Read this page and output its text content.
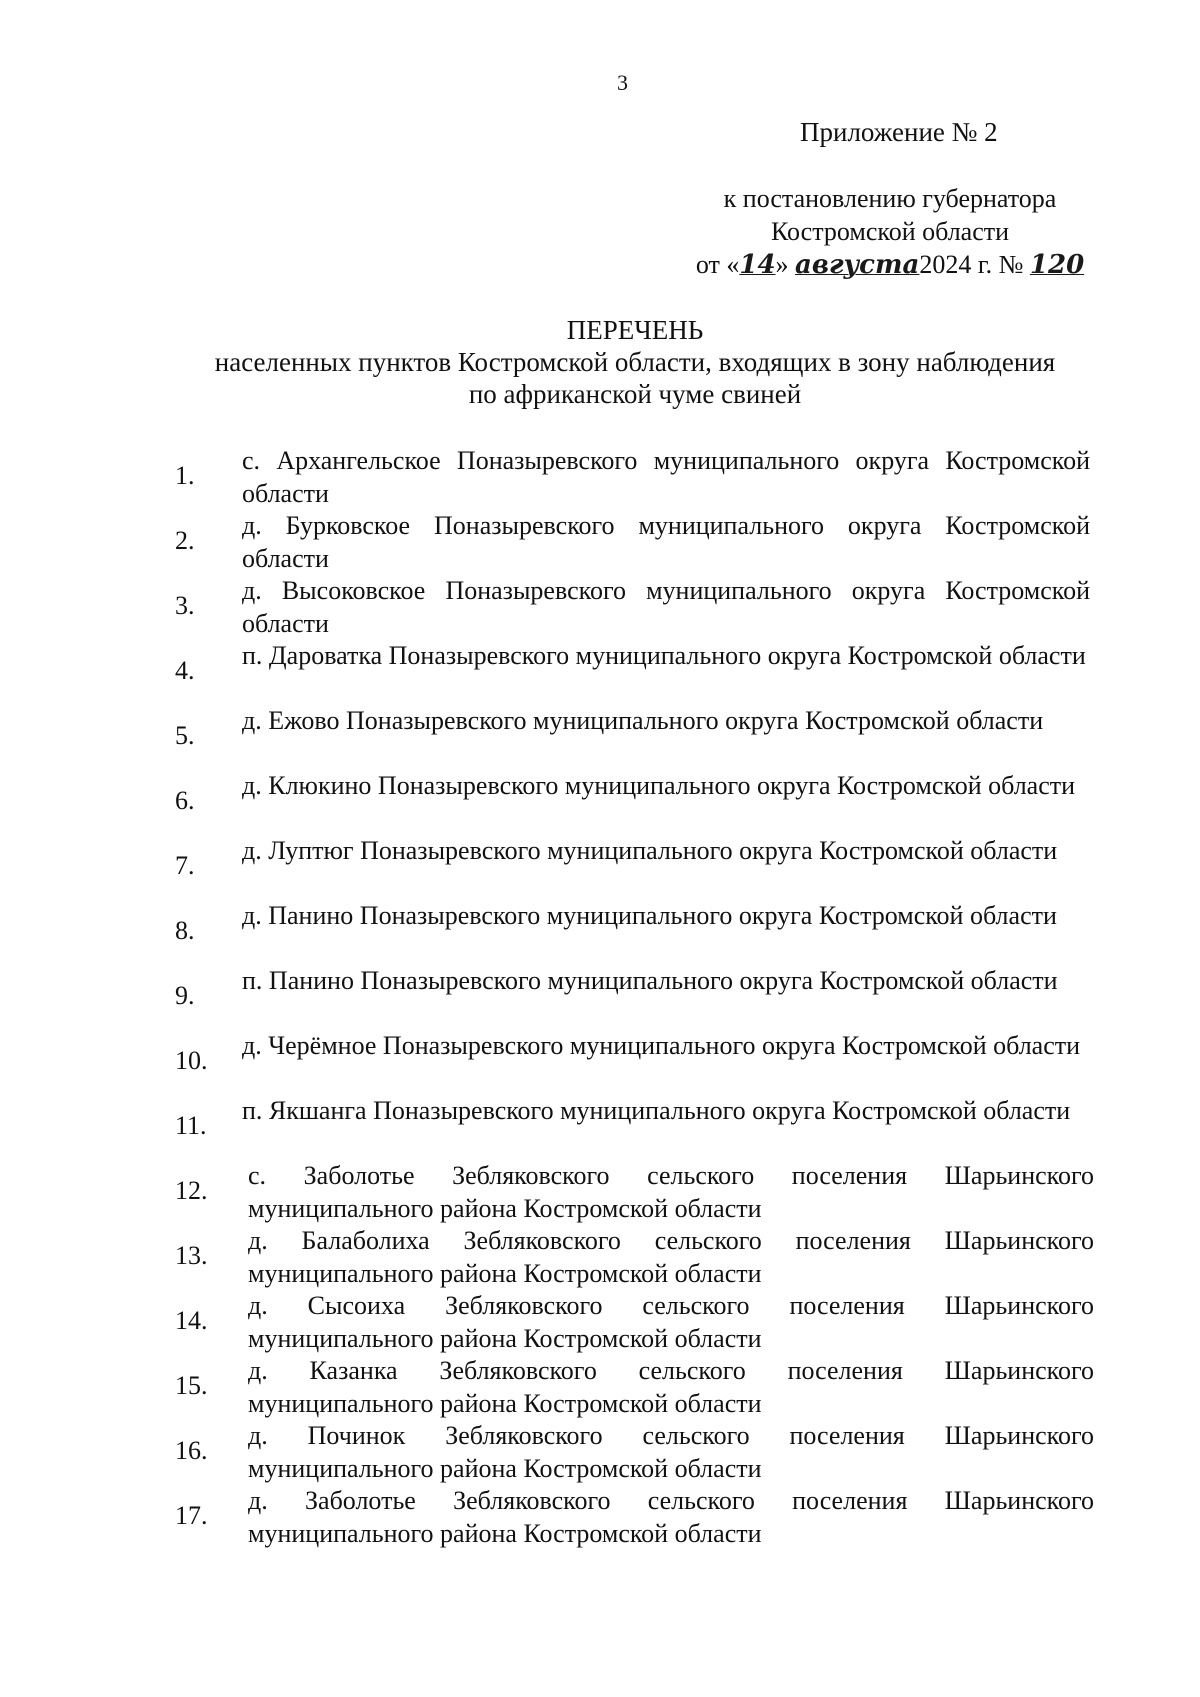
3
Приложение № 2
к постановлению губернатора
Костромской области
от «14» августа2024 г. № 120
ПЕРЕЧЕНЬ
населенных пунктов Костромской области, входящих в зону наблюдения
по африканской чуме свиней
1.
с. Архангельское Поназыревского муниципального округа Костромской области
2.
д. Бурковское Поназыревского муниципального округа Костромской области
3.
д. Высоковское Поназыревского муниципального округа Костромской области
4.
п. Дароватка Поназыревского муниципального округа Костромской области
5.
д. Ежово Поназыревского муниципального округа Костромской области
6.
д. Клюкино Поназыревского муниципального округа Костромской области
7.
д. Луптюг Поназыревского муниципального округа Костромской области
8.
д. Панино Поназыревского муниципального округа Костромской области
9.
п. Панино Поназыревского муниципального округа Костромской области
10.
д. Черёмное Поназыревского муниципального округа Костромской области
11.
п. Якшанга Поназыревского муниципального округа Костромской области
12.
с. Заболотье Зебляковского сельского поселения Шарьинского муниципального района Костромской области
13.
д. Балаболиха Зебляковского сельского поселения Шарьинского муниципального района Костромской области
14.
д. Сысоиха Зебляковского сельского поселения Шарьинского муниципального района Костромской области
15.
д. Казанка Зебляковского сельского поселения Шарьинского муниципального района Костромской области
16.
д. Починок Зебляковского сельского поселения Шарьинского муниципального района Костромской области
17.
д. Заболотье Зебляковского сельского поселения Шарьинского муниципального района Костромской области
